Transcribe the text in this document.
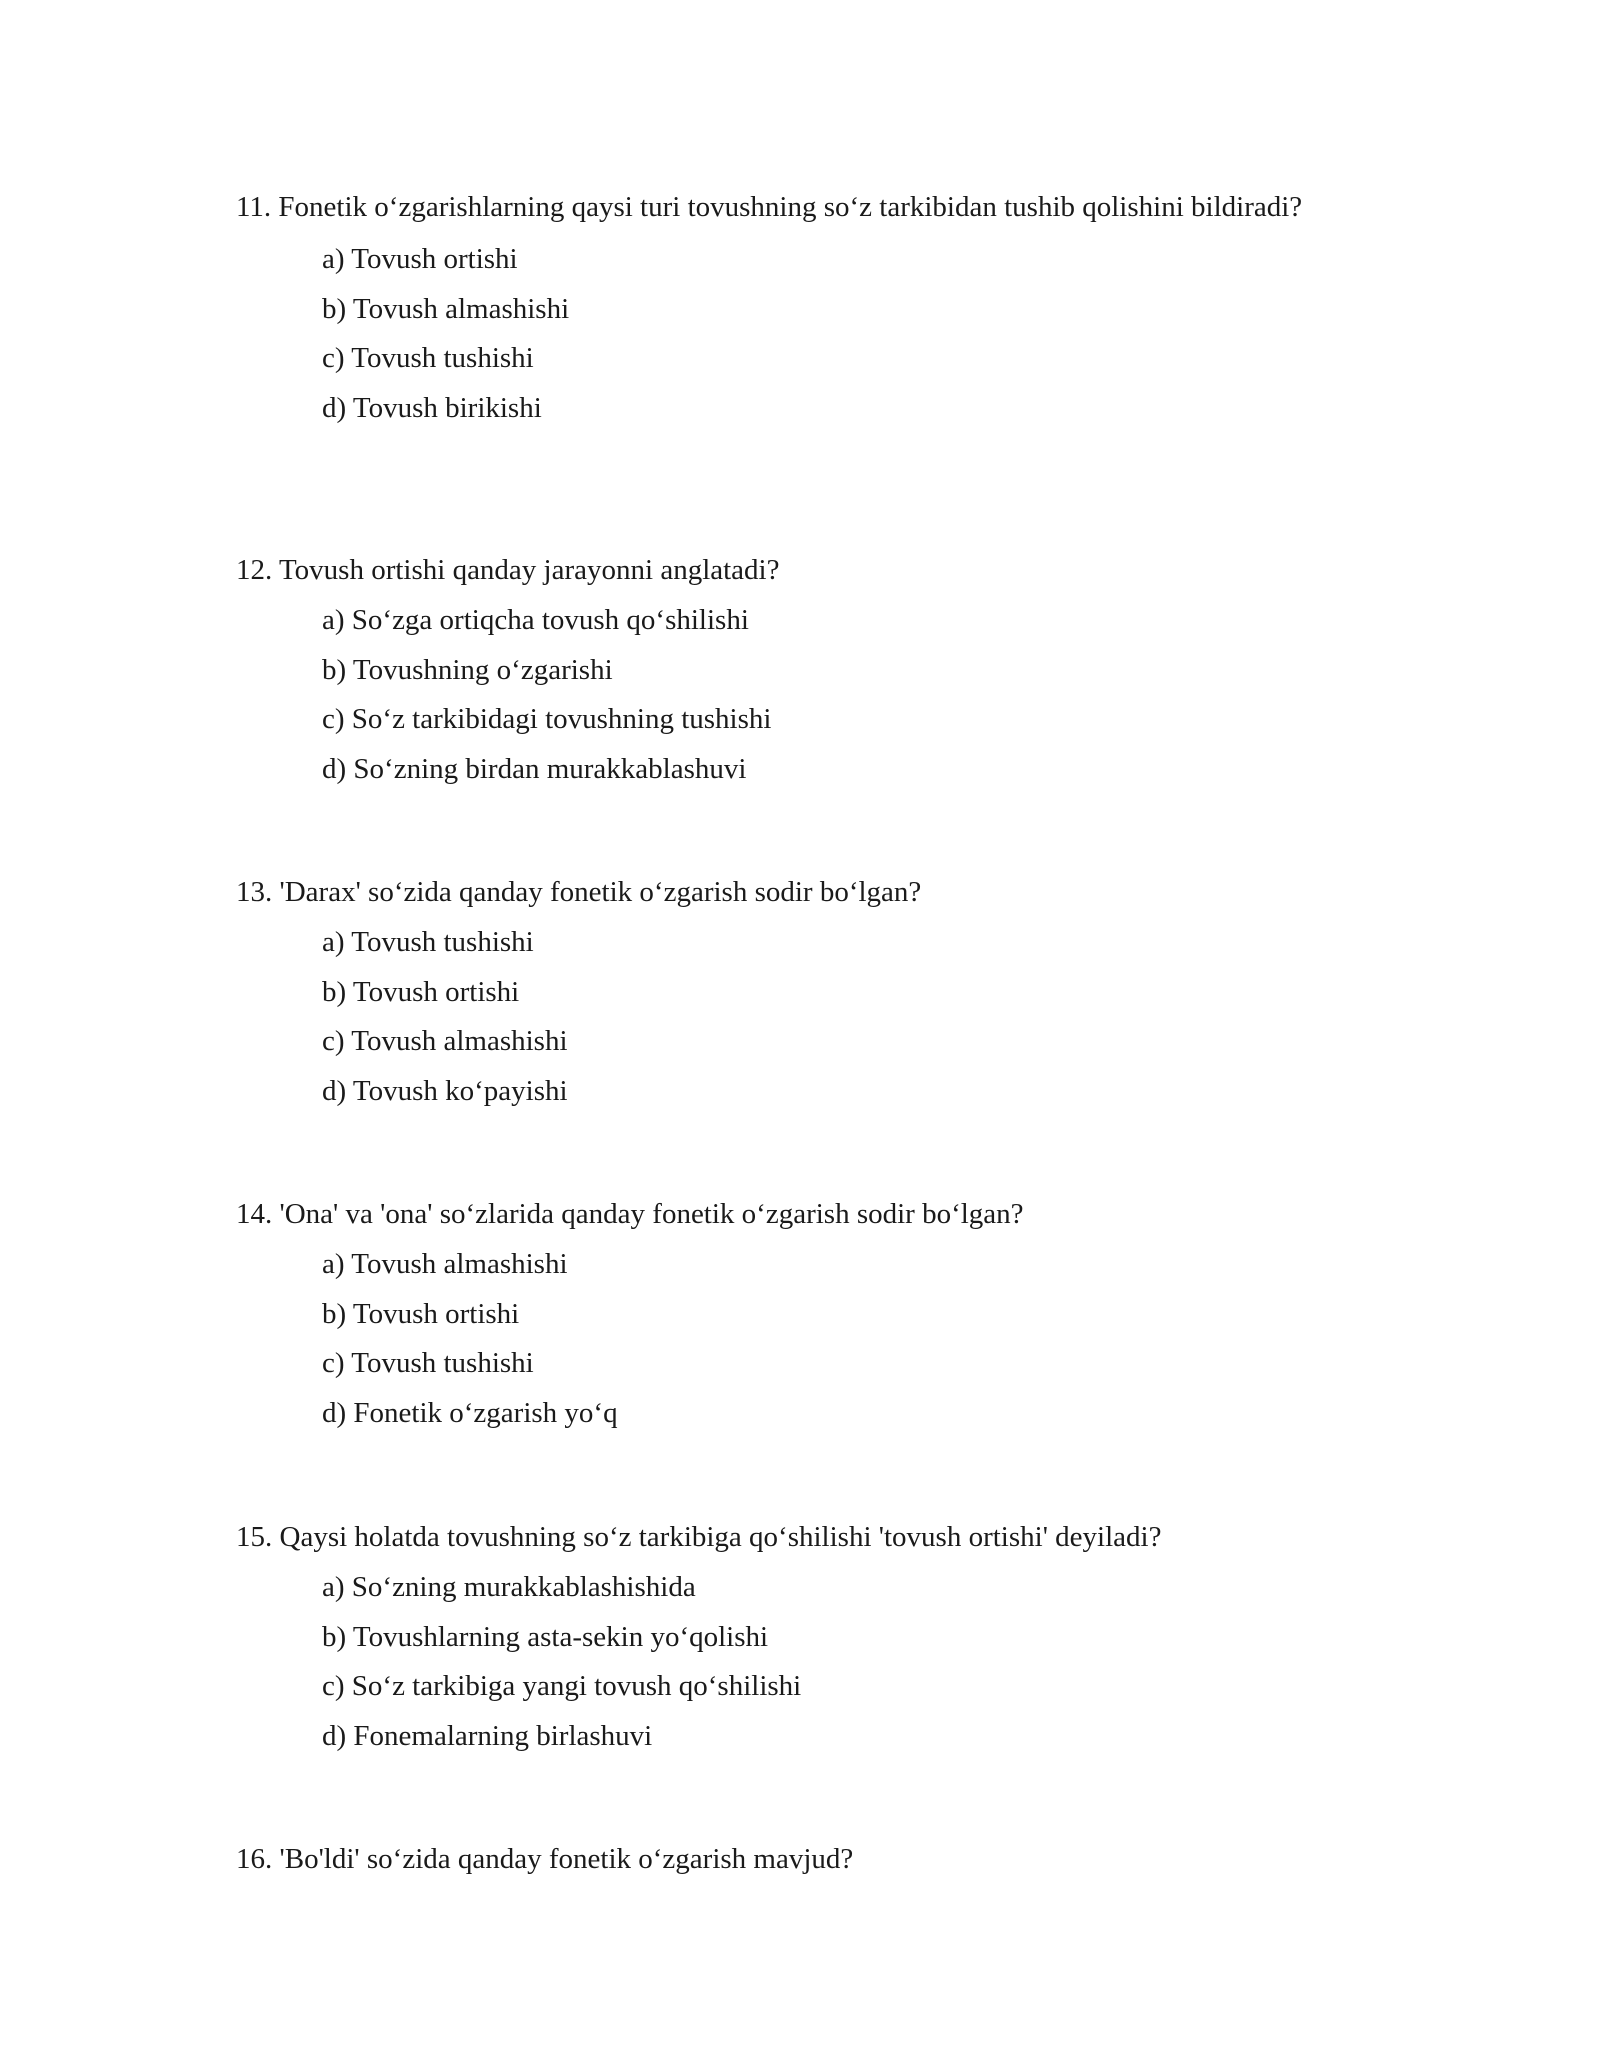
11. Fonetik o‘zgarishlarning qaysi turi tovushning so‘z tarkibidan tushib qolishini bildiradi?

a) Tovush ortishi
b) Tovush almashishi
c) Tovush tushishi
d) Tovush birikishi

12. Tovush ortishi qanday jarayonni anglatadi?

a) So‘zga ortiqcha tovush qo‘shilishi
b) Tovushning o‘zgarishi
c) So‘z tarkibidagi tovushning tushishi
d) So‘zning birdan murakkablashuvi

13. 'Darax' so‘zida qanday fonetik o‘zgarish sodir bo‘lgan?

a) Tovush tushishi
b) Tovush ortishi
c) Tovush almashishi
d) Tovush ko‘payishi

14. 'Ona' va 'ona' so‘zlarida qanday fonetik o‘zgarish sodir bo‘lgan?

a) Tovush almashishi
b) Tovush ortishi
c) Tovush tushishi
d) Fonetik o‘zgarish yo‘q

15. Qaysi holatda tovushning so‘z tarkibiga qo‘shilishi 'tovush ortishi' deyiladi?

a) So‘zning murakkablashishida
b) Tovushlarning asta-sekin yo‘qolishi
c) So‘z tarkibiga yangi tovush qo‘shilishi
d) Fonemalarning birlashuvi

16. 'Bo'ldi' so‘zida qanday fonetik o‘zgarish mavjud?
